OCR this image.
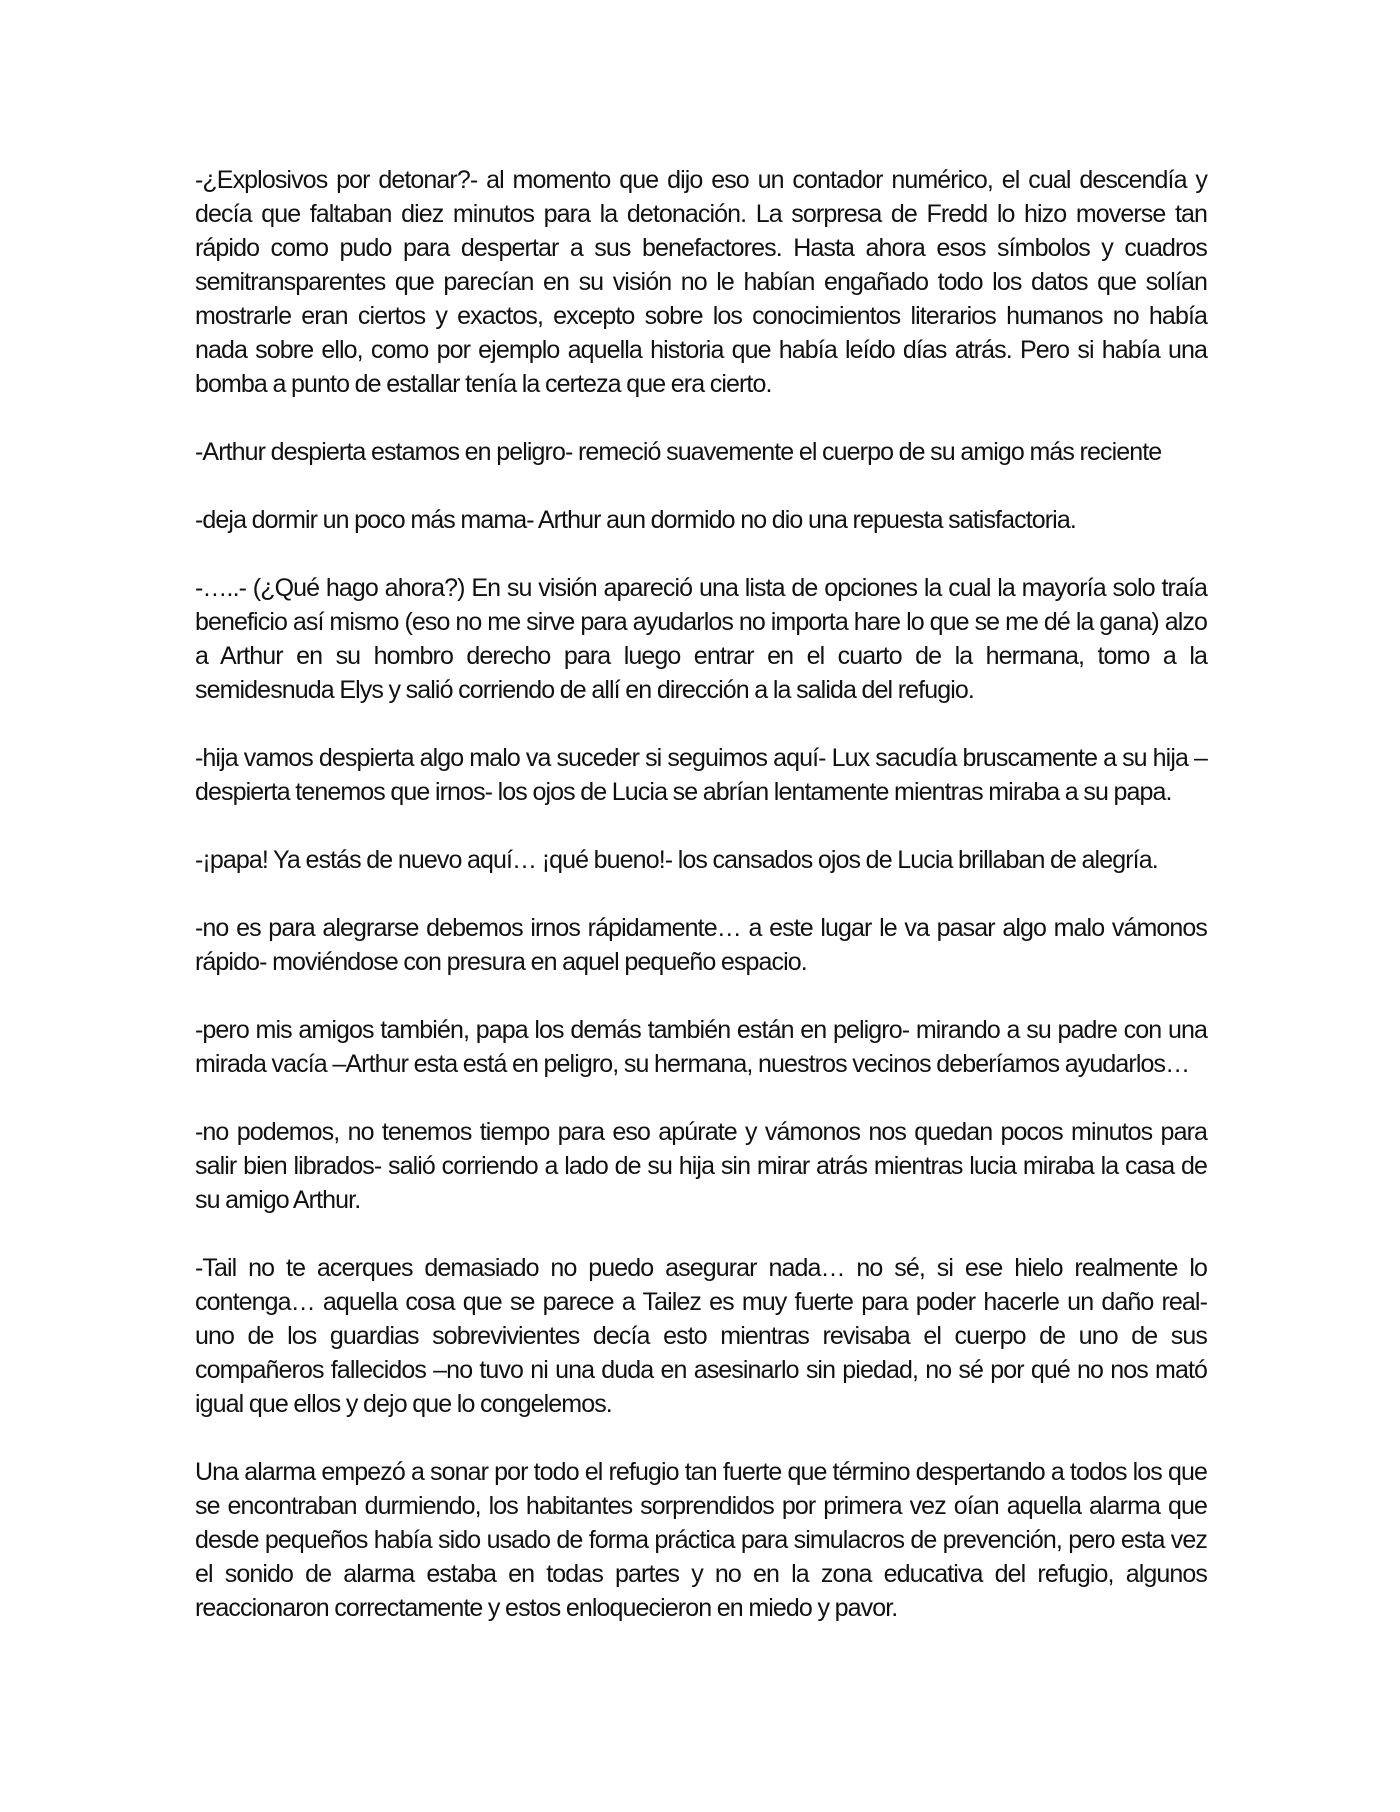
-¿Explosivos por detonar?- al momento que dijo eso un contador numérico, el cual descendía y decía que faltaban diez minutos para la detonación. La sorpresa de Fredd lo hizo moverse tan rápido como pudo para despertar a sus benefactores. Hasta ahora esos símbolos y cuadros semitransparentes que parecían en su visión no le habían engañado todo los datos que solían mostrarle eran ciertos y exactos, excepto sobre los conocimientos literarios humanos no había nada sobre ello, como por ejemplo aquella historia que había leído días atrás. Pero si había una bomba a punto de estallar tenía la certeza que era cierto.

-Arthur despierta estamos en peligro- remeció suavemente el cuerpo de su amigo más reciente

-deja dormir un poco más mama- Arthur aun dormido no dio una repuesta satisfactoria.

-…..- (¿Qué hago ahora?) En su visión apareció una lista de opciones la cual la mayoría solo traía beneficio así mismo (eso no me sirve para ayudarlos no importa hare lo que se me dé la gana) alzo a Arthur en su hombro derecho para luego entrar en el cuarto de la hermana, tomo a la semidesnuda Elys y salió corriendo de allí en dirección a la salida del refugio.

-hija vamos despierta algo malo va suceder si seguimos aquí- Lux sacudía bruscamente a su hija –despierta tenemos que irnos- los ojos de Lucia se abrían lentamente mientras miraba a su papa.

-¡papa! Ya estás de nuevo aquí… ¡qué bueno!- los cansados ojos de Lucia brillaban de alegría.

-no es para alegrarse debemos irnos rápidamente… a este lugar le va pasar algo malo vámonos rápido- moviéndose con presura en aquel pequeño espacio.

-pero mis amigos también, papa los demás también están en peligro- mirando a su padre con una mirada vacía –Arthur esta está en peligro, su hermana, nuestros vecinos deberíamos ayudarlos…

-no podemos, no tenemos tiempo para eso apúrate y vámonos nos quedan pocos minutos para salir bien librados- salió corriendo a lado de su hija sin mirar atrás mientras lucia miraba la casa de su amigo Arthur.

-Tail no te acerques demasiado no puedo asegurar nada… no sé, si ese hielo realmente lo contenga… aquella cosa que se parece a Tailez es muy fuerte para poder hacerle un daño real- uno de los guardias sobrevivientes decía esto mientras revisaba el cuerpo de uno de sus compañeros fallecidos –no tuvo ni una duda en asesinarlo sin piedad, no sé por qué no nos mató igual que ellos y dejo que lo congelemos.

Una alarma empezó a sonar por todo el refugio tan fuerte que término despertando a todos los que se encontraban durmiendo, los habitantes sorprendidos por primera vez oían aquella alarma que desde pequeños había sido usado de forma práctica para simulacros de prevención, pero esta vez el sonido de alarma estaba en todas partes y no en la zona educativa del refugio, algunos reaccionaron correctamente y estos enloquecieron en miedo y pavor.
